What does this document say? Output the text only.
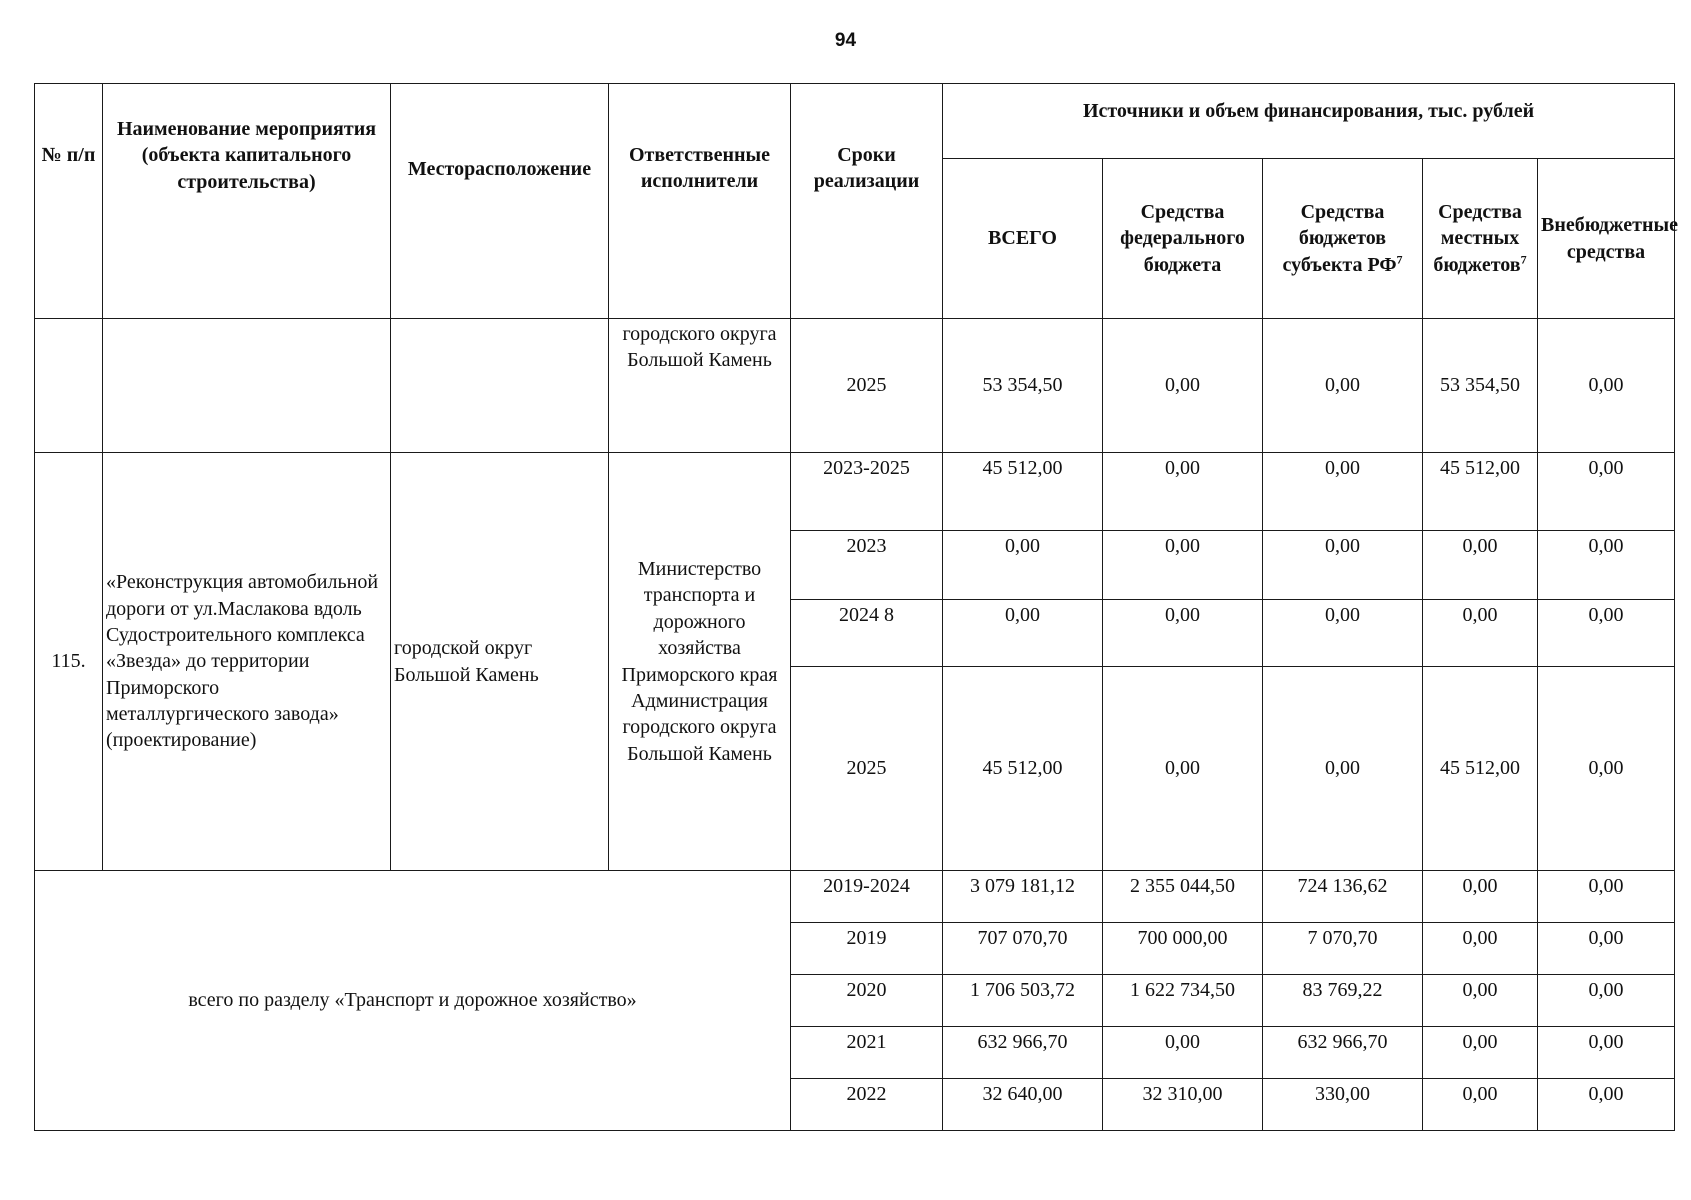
94
№ п/п	Наименование мероприятия (объекта капитального строительства)	Месторасположение	Ответственные исполнители	Сроки реализации	Источники и объем финансирования, тыс. рублей				
					ВСЕГО	Средства федерального бюджета	Средства бюджетов субъекта $РФ^7$	Средства местных бюджетов$^7$	Внебюджетные средства
			городского округа Большой Камень	2025	53 354,50	0,00	0,00	53 354,50	0,00
115.	«Реконструкция автомобильной дороги от ул.Маслакова вдоль Судостроительного комплекса «Звезда» до территории Приморского металлургического завода» (проектирование)	городской округ Большой Камень	Министерство транспорта и дорожного хозяйства Приморского края Администрация городского округа Большой Камень	2023-2025	45 512,00	0,00	0,00	45 512,00	0,00
				2023	0,00	0,00	0,00	0,00	0,00
				2024 8	0,00	0,00	0,00	0,00	0,00
				2025	45 512,00	0,00	0,00	45 512,00	0,00
всего по разделу «Транспорт и дорожное хозяйство»				2019-2024	3 079 181,12	2 355 044,50	724 136,62	0,00	0,00
				2019	707 070,70	700 000,00	7 070,70	0,00	0,00
				2020	1 706 503,72	1 622 734,50	83 769,22	0,00	0,00
				2021	632 966,70	0,00	632 966,70	0,00	0,00
				2022	32 640,00	32 310,00	330,00	0,00	0,00
